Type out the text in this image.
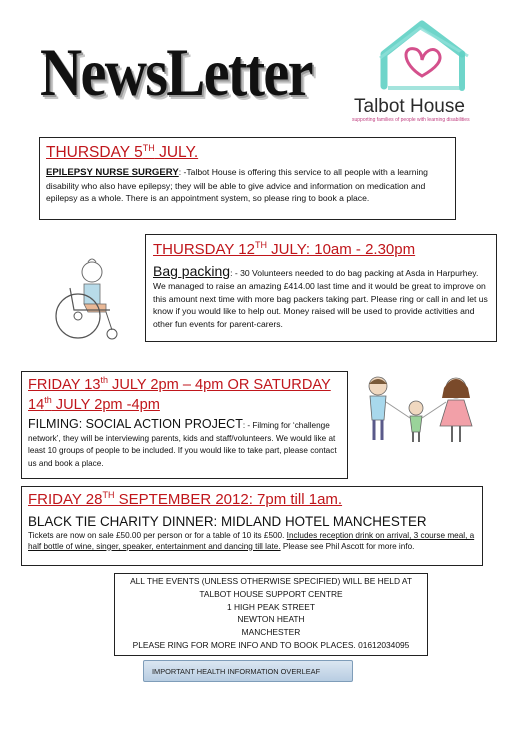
NewsLetter Talbot House
supporting families of people with learning disabilities
THURSDAY 5TH JULY.
EPILEPSY NURSE SURGERY: -Talbot House is offering this service to all people with a learning disability who also have epilepsy; they will be able to give advice and information on medication and epilepsy as a whole. There is an appointment system, so please ring to book a place.
THURSDAY 12TH JULY: 10am - 2.30pm
Bag packing: - 30 Volunteers needed to do bag packing at Asda in Harpurhey. We managed to raise an amazing £414.00 last time and it would be great to improve on this amount next time with more bag packers taking part. Please ring or call in and let us know if you would like to help out. Money raised will be used to provide activities and other fun events for parent-carers.
FRIDAY 13th JULY 2pm – 4pm OR SATURDAY 14th JULY 2pm -4pm
FILMING: SOCIAL ACTION PROJECT: - Filming for ‘challenge network’, they will be interviewing parents, kids and staff/volunteers. We would like at least 10 groups of people to be included. If you would like to take part, please contact us and book a place.
FRIDAY 28TH SEPTEMBER 2012: 7pm till 1am.
BLACK TIE CHARITY DINNER: MIDLAND HOTEL MANCHESTER
Tickets are now on sale £50.00 per person or for a table of 10 its £500. Includes reception drink on arrival, 3 course meal, a half bottle of wine, singer, speaker, entertainment and dancing till late. Please see Phil Ascott for more info.
ALL THE EVENTS (UNLESS OTHERWISE SPECIFIED) WILL BE HELD AT
TALBOT HOUSE SUPPORT CENTRE
1 HIGH PEAK STREET
NEWTON HEATH
MANCHESTER
PLEASE RING FOR MORE INFO AND TO BOOK PLACES. 01612034095
IMPORTANT HEALTH INFORMATION OVERLEAF
